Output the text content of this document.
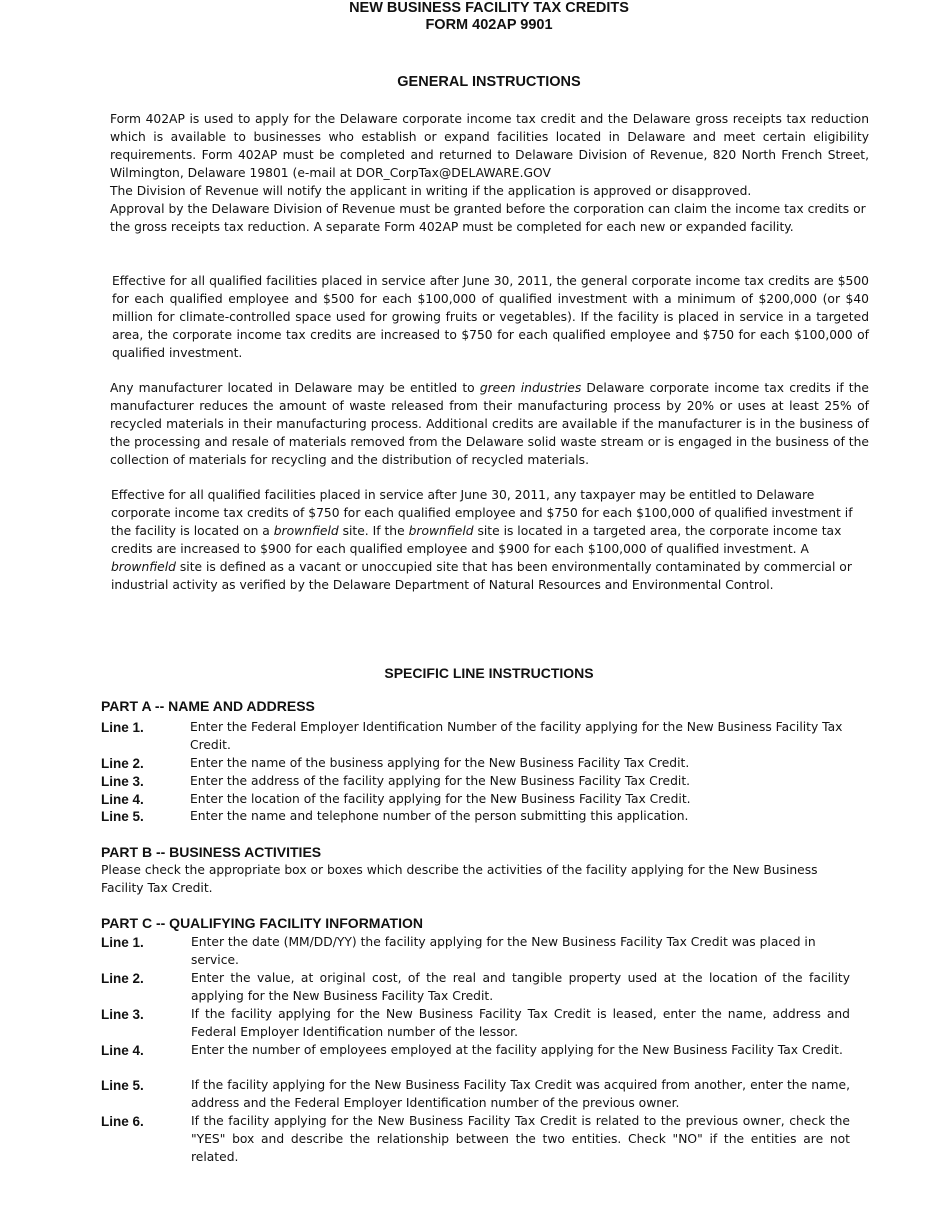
NEW BUSINESS FACILITY TAX CREDITS
FORM 402AP 9901
GENERAL INSTRUCTIONS
Form 402AP is used to apply for the Delaware corporate income tax credit and the Delaware gross receipts tax reduction which is available to businesses who establish or expand facilities located in Delaware and meet certain eligibility requirements. Form 402AP must be completed and returned to Delaware Division of Revenue, 820 North French Street, Wilmington, Delaware 19801 (e-mail at DOR_CorpTax@DELAWARE.GOV
The Division of Revenue will notify the applicant in writing if the application is approved or disapproved.
Approval by the Delaware Division of Revenue must be granted before the corporation can claim the income tax credits or the gross receipts tax reduction. A separate Form 402AP must be completed for each new or expanded facility.
Effective for all qualified facilities placed in service after June 30, 2011, the general corporate income tax credits are $500 for each qualified employee and $500 for each $100,000 of qualified investment with a minimum of $200,000 (or $40 million for climate-controlled space used for growing fruits or vegetables). If the facility is placed in service in a targeted area, the corporate income tax credits are increased to $750 for each qualified employee and $750 for each $100,000 of qualified investment.
Any manufacturer located in Delaware may be entitled to green industries Delaware corporate income tax credits if the manufacturer reduces the amount of waste released from their manufacturing process by 20% or uses at least 25% of recycled materials in their manufacturing process. Additional credits are available if the manufacturer is in the business of the processing and resale of materials removed from the Delaware solid waste stream or is engaged in the business of the collection of materials for recycling and the distribution of recycled materials.
Effective for all qualified facilities placed in service after June 30, 2011, any taxpayer may be entitled to Delaware corporate income tax credits of $750 for each qualified employee and $750 for each $100,000 of qualified investment if the facility is located on a brownfield site. If the brownfield site is located in a targeted area, the corporate income tax credits are increased to $900 for each qualified employee and $900 for each $100,000 of qualified investment. A brownfield site is defined as a vacant or unoccupied site that has been environmentally contaminated by commercial or industrial activity as verified by the Delaware Department of Natural Resources and Environmental Control.
SPECIFIC LINE INSTRUCTIONS
PART A -- NAME AND ADDRESS
Line 1.	Enter the Federal Employer Identification Number of the facility applying for the New Business Facility Tax Credit.
Line 2.	Enter the name of the business applying for the New Business Facility Tax Credit.
Line 3.	Enter the address of the facility applying for the New Business Facility Tax Credit.
Line 4.	Enter the location of the facility applying for the New Business Facility Tax Credit.
Line 5.	Enter the name and telephone number of the person submitting this application.
PART B -- BUSINESS ACTIVITIES
Please check the appropriate box or boxes which describe the activities of the facility applying for the New Business Facility Tax Credit.
PART C -- QUALIFYING FACILITY INFORMATION
Line 1.	Enter the date (MM/DD/YY) the facility applying for the New Business Facility Tax Credit was placed in service.
Line 2.	Enter the value, at original cost, of the real and tangible property used at the location of the facility applying for the New Business Facility Tax Credit.
Line 3.	If the facility applying for the New Business Facility Tax Credit is leased, enter the name, address and Federal Employer Identification number of the lessor.
Line 4.	Enter the number of employees employed at the facility applying for the New Business Facility Tax Credit.
Line 5.	If the facility applying for the New Business Facility Tax Credit was acquired from another, enter the name, address and the Federal Employer Identification number of the previous owner.
Line 6.	If the facility applying for the New Business Facility Tax Credit is related to the previous owner, check the "YES" box and describe the relationship between the two entities. Check "NO" if the entities are not related.
